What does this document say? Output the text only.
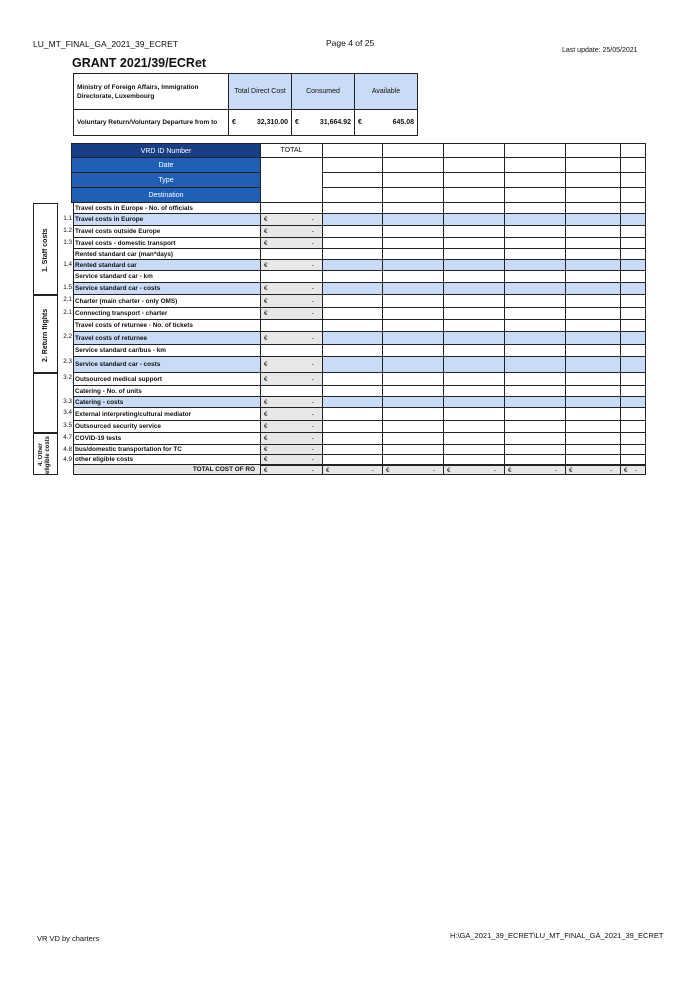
LU_MT_FINAL_GA_2021_39_ECRET	Page 4 of 25
Last update: 25/05/2021
GRANT 2021/39/ECRet
Ministry of Foreign Affairs, Immigration Directorate, Luxembourg	Total Direct Cost	Consumed	Available
Voluntary Return/Voluntary Departure from to	€ 32,310.00	€ 31,664.92	€ 645.08
VRD ID Number	TOTAL
Date
Type
Destination
Travel costs in Europe - No. of officials
1.1 Travel costs in Europe	€	-
1.2 Travel costs outside Europe	€	-
1.3 Travel costs - domestic transport	€	-
Rented standard car (man*days)
1.4 Rented standard car	€	-
Service standard car - km
1.5 Service standard car - costs	€	-
2.1 Charter (main charter - only OMS)	€	-
2.1 Connecting transport - charter	€	-
Travel costs of returnee - No. of tickets
2.2 Travel costs of returnee	€	-
Service standard car/bus - km
2.3 Service standard car - costs	€	-
3.2 Outsourced medical support	€	-
Catering - No. of units
3.3 Catering - costs	€	-
3.4 External interpreting/cultural mediator	€	-
3.5 Outsourced security service	€	-
4.7 COVID-19 tests	€	-
4.8 bus/domestic transportation for TC	€	-
4.9 other eligible costs	€	-
TOTAL COST OF RO	€	-	€	-	€	-	€	-	€	-	€	-	€ -
1. Staff costs
2. Return flights
4. Other eligible costs
VR VD by charters	H:\GA_2021_39_ECRET\LU_MT_FINAL_GA_2021_39_ECRET
